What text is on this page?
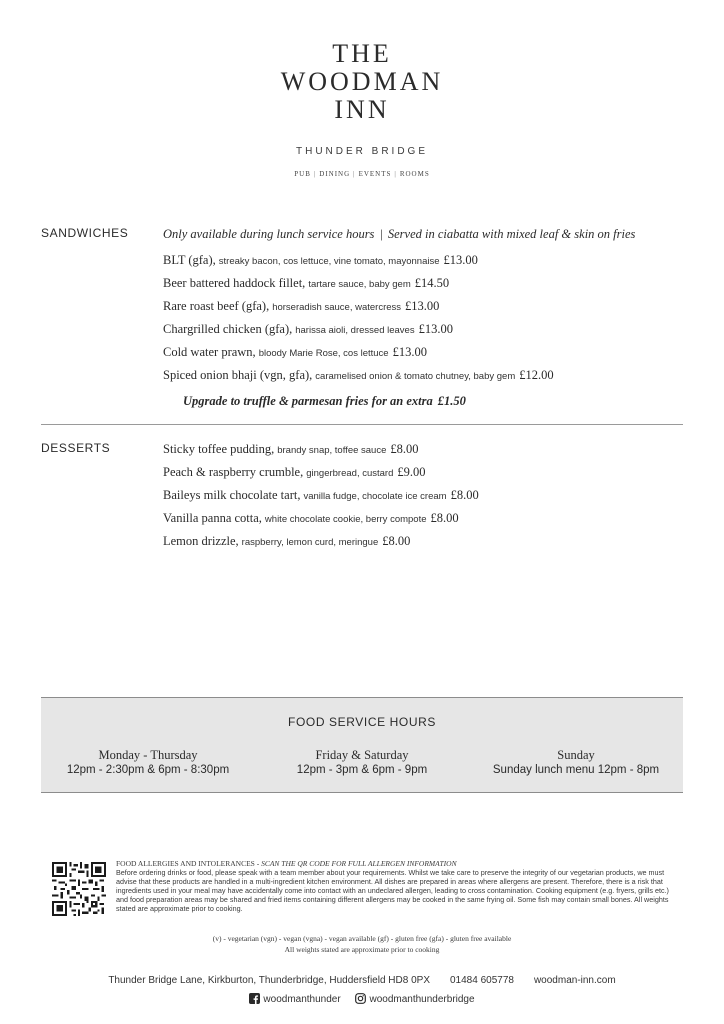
THE
WOODMAN
INN
THUNDER BRIDGE
PUB | DINING | EVENTS | ROOMS
SANDWICHES	Only available during lunch service hours | Served in ciabatta with mixed leaf & skin on fries
BLT (gfa), streaky bacon, cos lettuce, vine tomato, mayonnaise £13.00
Beer battered haddock fillet, tartare sauce, baby gem £14.50
Rare roast beef (gfa), horseradish sauce, watercress £13.00
Chargrilled chicken (gfa), harissa aioli, dressed leaves £13.00
Cold water prawn, bloody Marie Rose, cos lettuce £13.00
Spiced onion bhaji (vgn, gfa), caramelised onion & tomato chutney, baby gem £12.00
Upgrade to truffle & parmesan fries for an extra £1.50
DESSERTS	Sticky toffee pudding, brandy snap, toffee sauce £8.00
Peach & raspberry crumble, gingerbread, custard £9.00
Baileys milk chocolate tart, vanilla fudge, chocolate ice cream £8.00
Vanilla panna cotta, white chocolate cookie, berry compote £8.00
Lemon drizzle, raspberry, lemon curd, meringue £8.00
FOOD SERVICE HOURS
Monday - Thursday
12pm - 2:30pm & 6pm - 8:30pm
Friday & Saturday
12pm - 3pm & 6pm - 9pm
Sunday
Sunday lunch menu 12pm - 8pm
FOOD ALLERGIES AND INTOLERANCES - SCAN THE QR CODE FOR FULL ALLERGEN INFORMATION
Before ordering drinks or food, please speak with a team member about your requirements. Whilst we take care to preserve the integrity of our vegetarian products, we must advise that these products are handled in a multi-ingredient kitchen environment. All dishes are prepared in areas where allergens are present. Therefore, there is a risk that ingredients used in your meal may have accidentally come into contact with an undeclared allergen, leading to cross contamination. Cooking equipment (e.g. fryers, grills etc.) and food preparation areas may be shared and fried items containing different allergens may be cooked in the same frying oil. Some fish may contain small bones. All weights stated are approximate prior to cooking.
(v) - vegetarian (vgn) - vegan (vgna) - vegan available (gf) - gluten free (gfa) - gluten free available
All weights stated are approximate prior to cooking
Thunder Bridge Lane, Kirkburton, Thunderbridge, Huddersfield HD8 0PX 01484 605778 woodman-inn.com
woodmanthunder	woodmanthunderbridge
